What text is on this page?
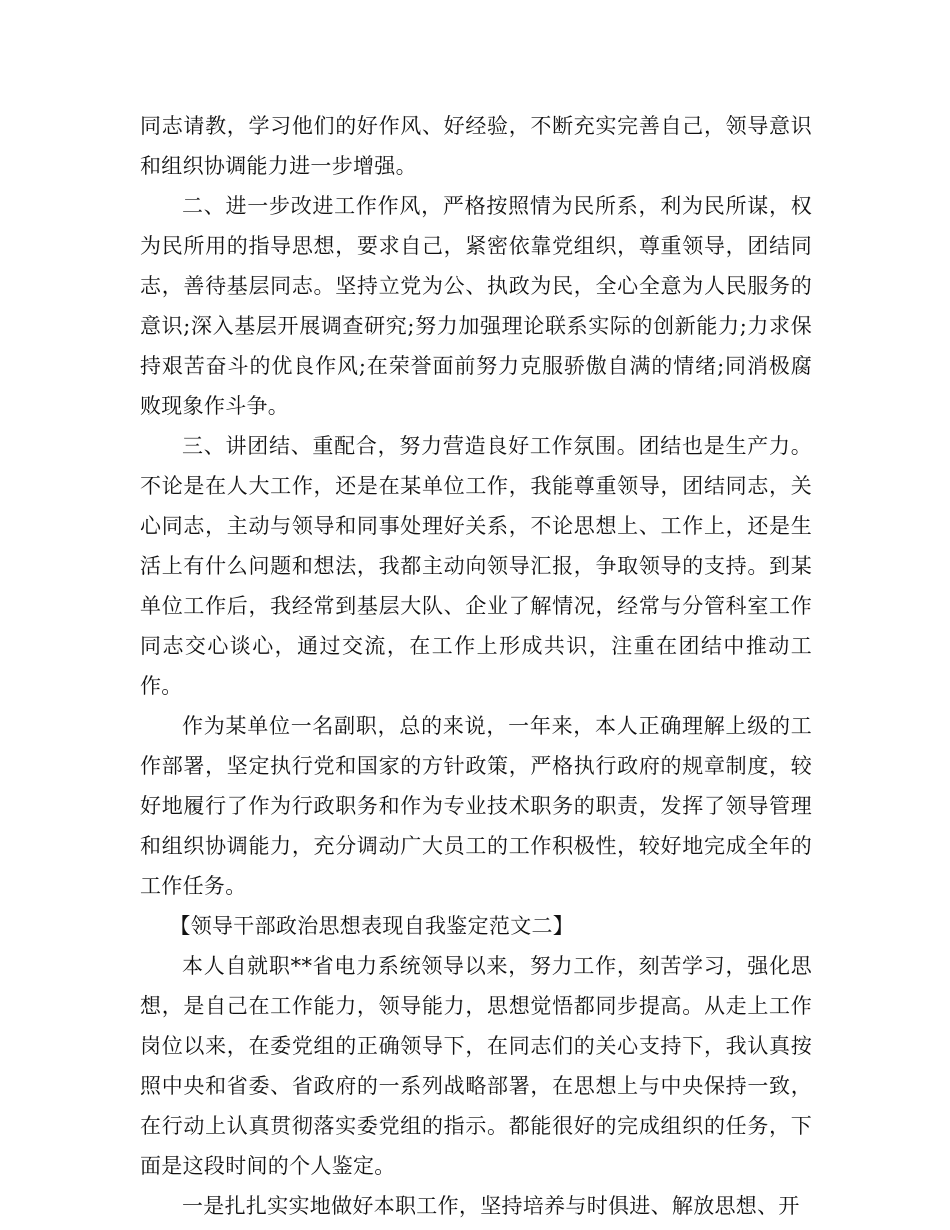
同志请教，学习他们的好作风、好经验，不断充实完善自己，领导意识和组织协调能力进一步增强。

二、进一步改进工作作风，严格按照情为民所系，利为民所谋，权为民所用的指导思想，要求自己，紧密依靠党组织，尊重领导，团结同志，善待基层同志。坚持立党为公、执政为民，全心全意为人民服务的意识;深入基层开展调查研究;努力加强理论联系实际的创新能力;力求保持艰苦奋斗的优良作风;在荣誉面前努力克服骄傲自满的情绪;同消极腐败现象作斗争。

三、讲团结、重配合，努力营造良好工作氛围。团结也是生产力。不论是在人大工作，还是在某单位工作，我能尊重领导，团结同志，关心同志，主动与领导和同事处理好关系，不论思想上、工作上，还是生活上有什么问题和想法，我都主动向领导汇报，争取领导的支持。到某单位工作后，我经常到基层大队、企业了解情况，经常与分管科室工作同志交心谈心，通过交流，在工作上形成共识，注重在团结中推动工作。

作为某单位一名副职，总的来说，一年来，本人正确理解上级的工作部署，坚定执行党和国家的方针政策，严格执行政府的规章制度，较好地履行了作为行政职务和作为专业技术职务的职责，发挥了领导管理和组织协调能力，充分调动广大员工的工作积极性，较好地完成全年的工作任务。

【领导干部政治思想表现自我鉴定范文二】

本人自就职**省电力系统领导以来，努力工作，刻苦学习，强化思想，是自己在工作能力，领导能力，思想觉悟都同步提高。从走上工作岗位以来，在委党组的正确领导下，在同志们的关心支持下，我认真按照中央和省委、省政府的一系列战略部署，在思想上与中央保持一致，在行动上认真贯彻落实委党组的指示。都能很好的完成组织的任务，下面是这段时间的个人鉴定。

一是扎扎实实地做好本职工作，坚持培养与时俱进、解放思想、开
